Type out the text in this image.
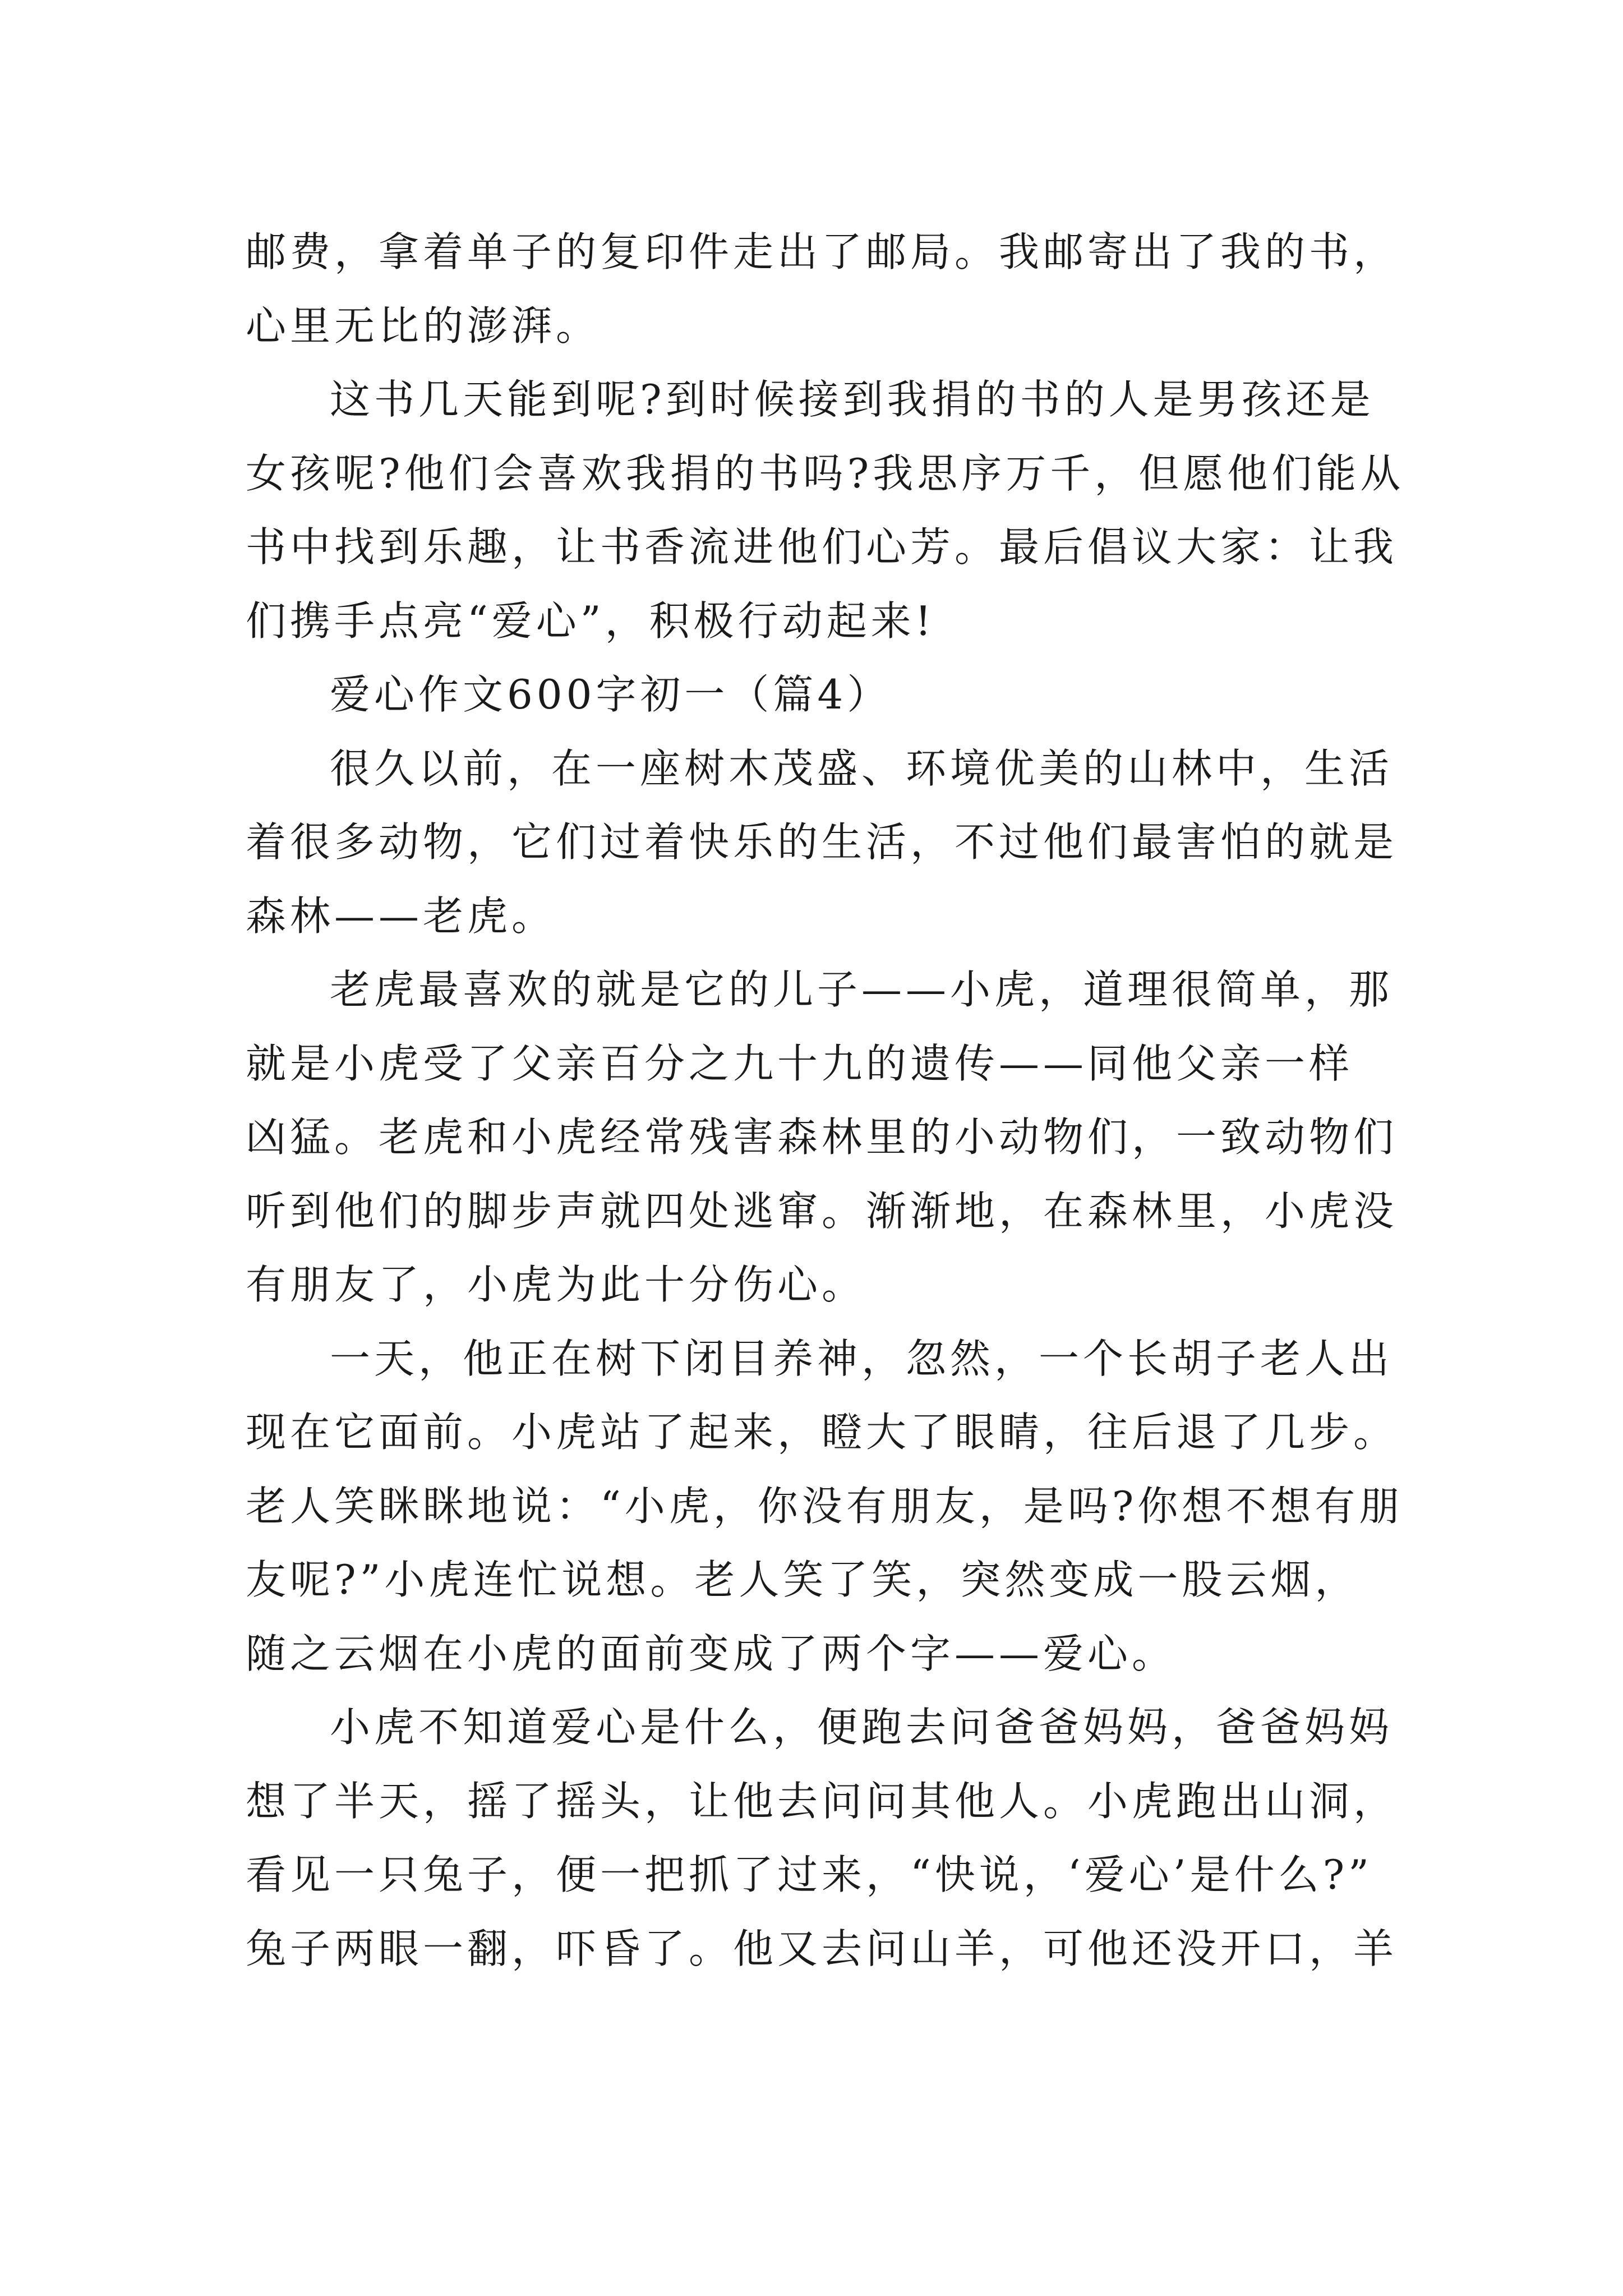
邮费，拿着单子的复印件走出了邮局。我邮寄出了我的书，
心里无比的澎湃。
这书几天能到呢?到时候接到我捐的书的人是男孩还是
女孩呢?他们会喜欢我捐的书吗?我思序万千，但愿他们能从
书中找到乐趣，让书香流进他们心芳。最后倡议大家：让我
们携手点亮“爱心”，积极行动起来!
爱心作文600字初一（篇4）
很久以前，在一座树木茂盛、环境优美的山林中，生活
着很多动物，它们过着快乐的生活，不过他们最害怕的就是
森林——老虎。
老虎最喜欢的就是它的儿子——小虎，道理很简单，那
就是小虎受了父亲百分之九十九的遗传——同他父亲一样
凶猛。老虎和小虎经常残害森林里的小动物们，一致动物们
听到他们的脚步声就四处逃窜。渐渐地，在森林里，小虎没
有朋友了，小虎为此十分伤心。
一天，他正在树下闭目养神，忽然，一个长胡子老人出
现在它面前。小虎站了起来，瞪大了眼睛，往后退了几步。
老人笑眯眯地说：“小虎，你没有朋友，是吗?你想不想有朋
友呢?”小虎连忙说想。老人笑了笑，突然变成一股云烟，
随之云烟在小虎的面前变成了两个字——爱心。
小虎不知道爱心是什么，便跑去问爸爸妈妈，爸爸妈妈
想了半天，摇了摇头，让他去问问其他人。小虎跑出山洞，
看见一只兔子，便一把抓了过来，“快说，‘爱心’是什么?”
兔子两眼一翻，吓昏了。他又去问山羊，可他还没开口，羊
